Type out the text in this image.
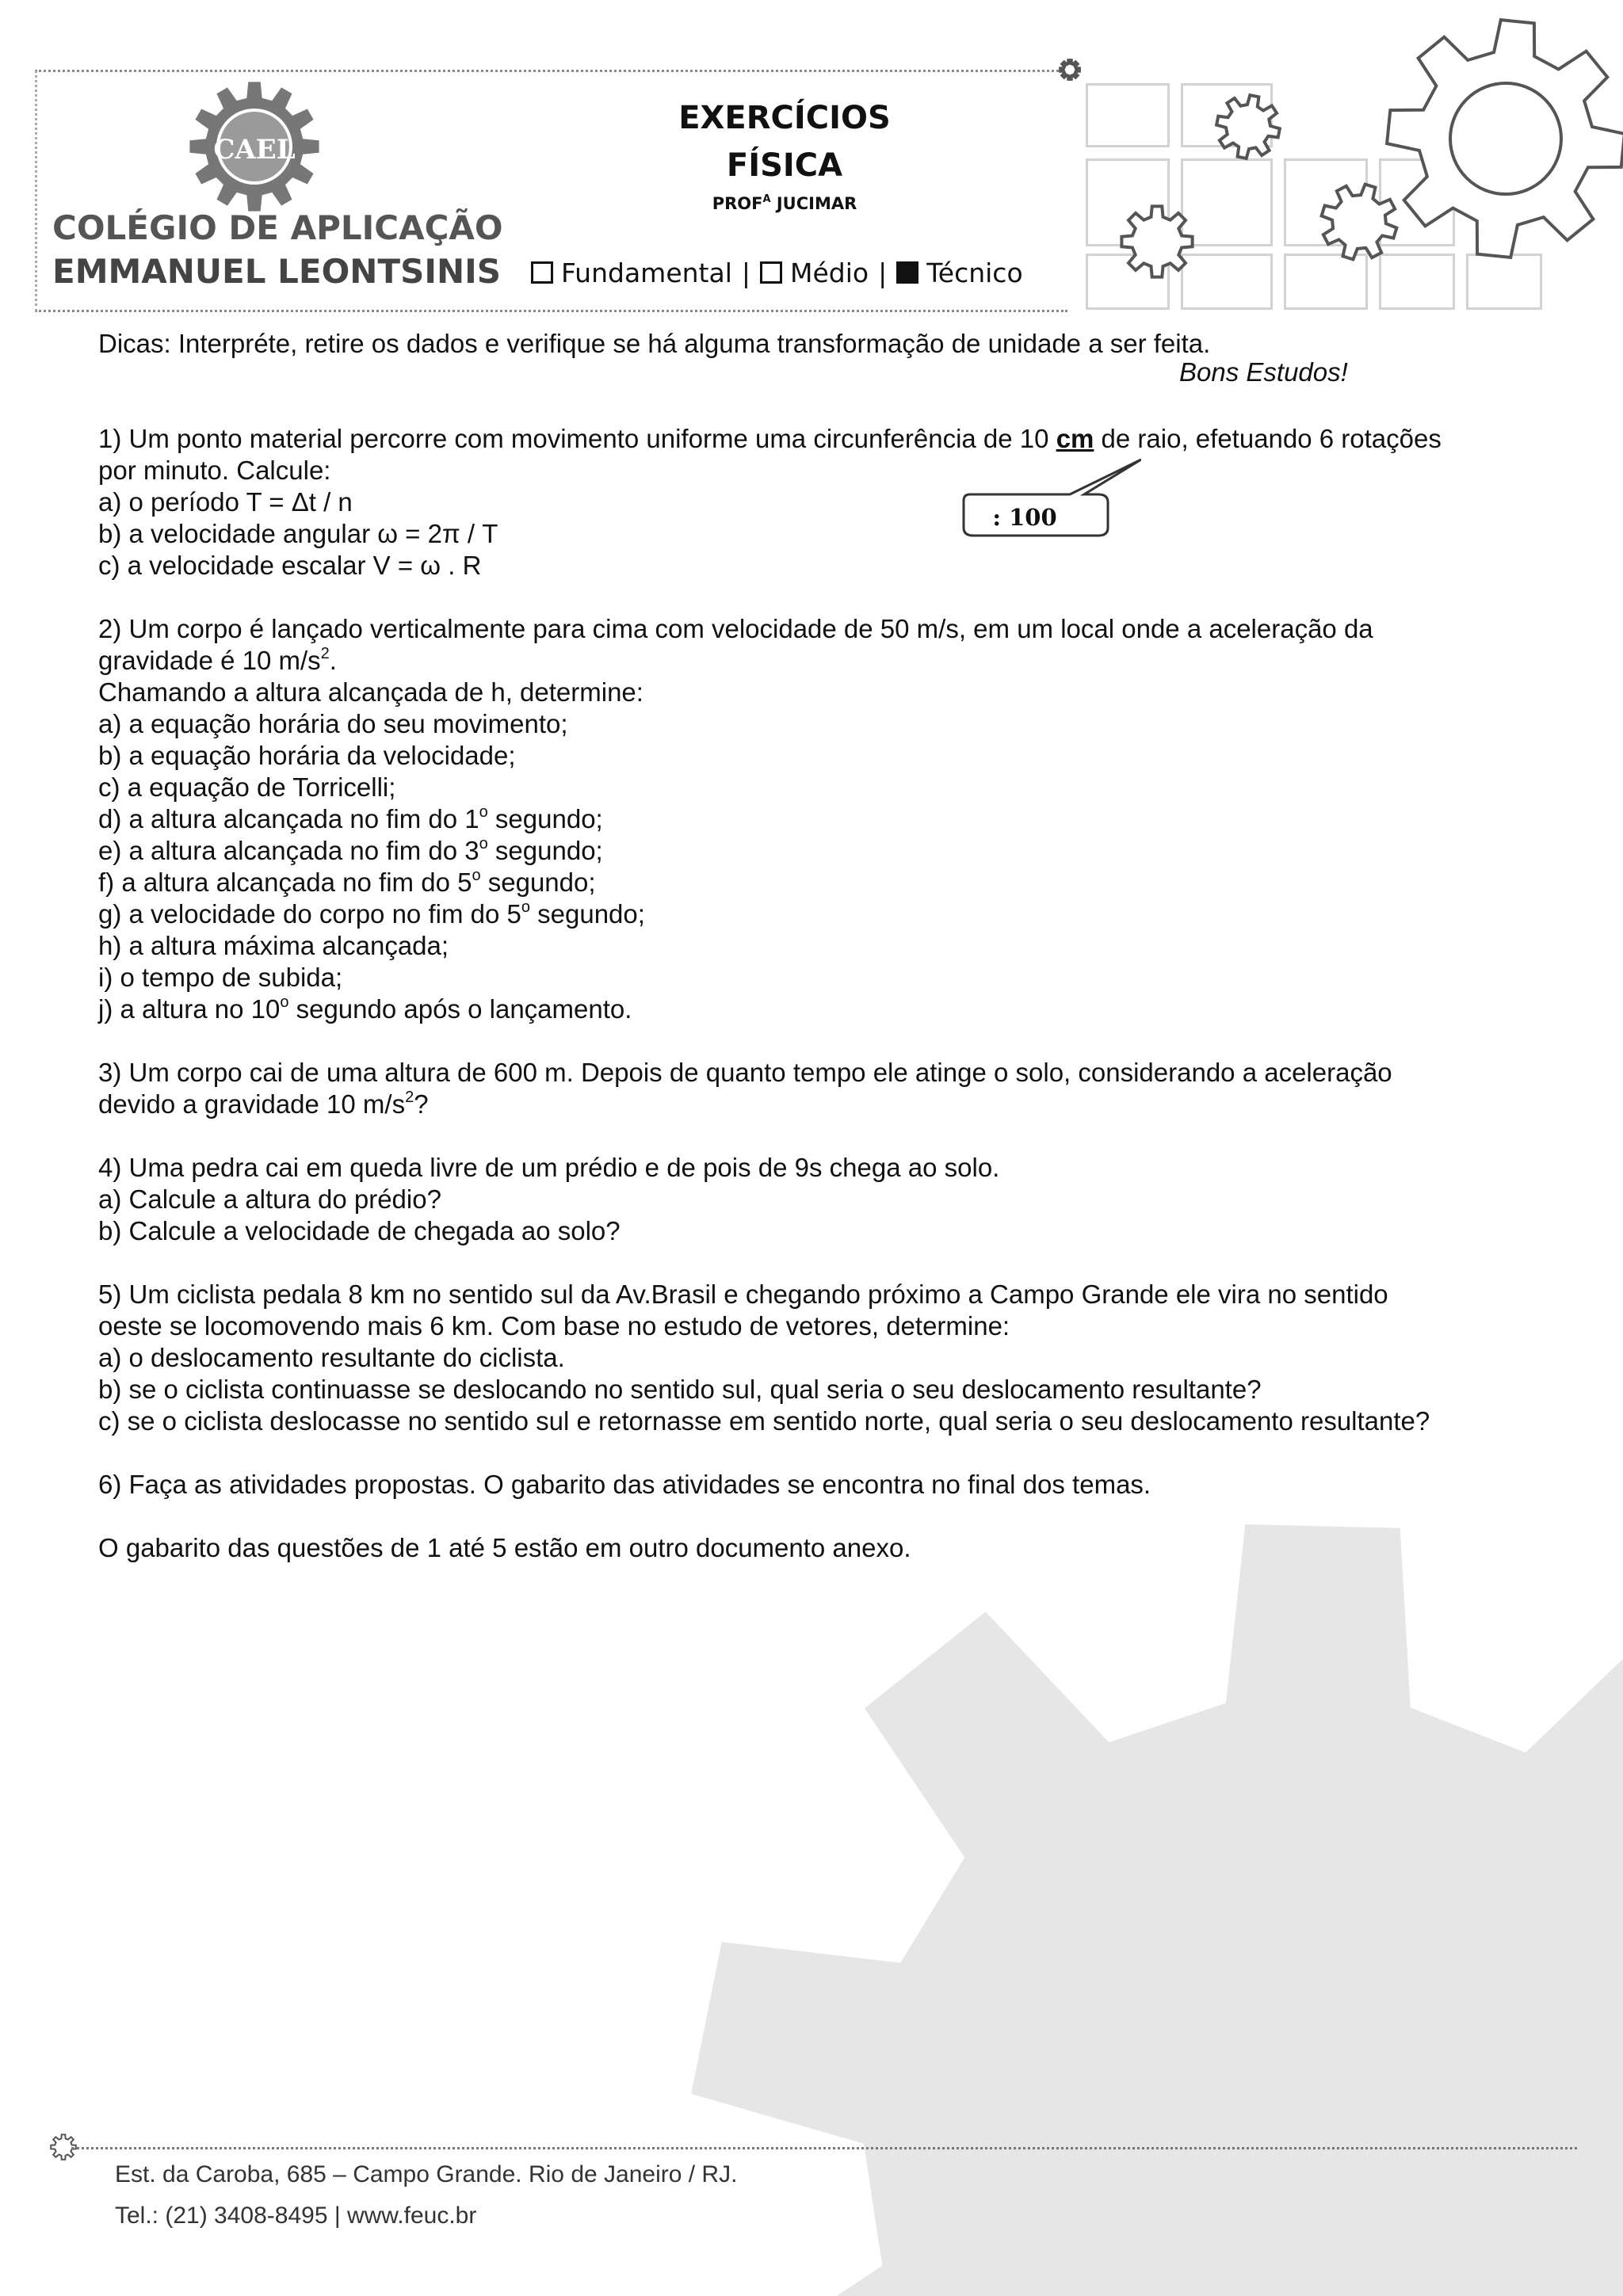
CAEL
COLÉGIO DE APLICAÇÃO
EMMANUEL LEONTSINIS
EXERCÍCIOS
FÍSICA
$PROF^A$ JUCIMAR
Fundamental | Médio | Técnico
: 100
Bons Estudos!
Dicas: Interpréte, retire os dados e verifique se há alguma transformação de unidade a ser feita.
1) Um ponto material percorre com movimento uniforme uma circunferência de 10 cm de raio, efetuando 6 rotações
por minuto. Calcule:
a) o período T = Δt / n
b) a velocidade angular ω = 2π / T
c) a velocidade escalar V = ω . R
2) Um corpo é lançado verticalmente para cima com velocidade de 50 m/s, em um local onde a aceleração da
gravidade é 10 $m/s^2$.
Chamando a altura alcançada de h, determine:
a) a equação horária do seu movimento;
b) a equação horária da velocidade;
c) a equação de Torricelli;
d) a altura alcançada no fim do 1$^o$ segundo;
e) a altura alcançada no fim do 3$^o$ segundo;
f) a altura alcançada no fim do 5$^o$ segundo;
g) a velocidade do corpo no fim do 5$^o$ segundo;
h) a altura máxima alcançada;
i) o tempo de subida;
j) a altura no 10$^o$ segundo após o lançamento.
3) Um corpo cai de uma altura de 600 m. Depois de quanto tempo ele atinge o solo, considerando a aceleração
devido a gravidade 10 $m/s^2$?
4) Uma pedra cai em queda livre de um prédio e de pois de 9s chega ao solo.
a) Calcule a altura do prédio?
b) Calcule a velocidade de chegada ao solo?
5) Um ciclista pedala 8 km no sentido sul da Av.Brasil e chegando próximo a Campo Grande ele vira no sentido
oeste se locomovendo mais 6 km. Com base no estudo de vetores, determine:
a) o deslocamento resultante do ciclista.
b) se o ciclista continuasse se deslocando no sentido sul, qual seria o seu deslocamento resultante?
c) se o ciclista deslocasse no sentido sul e retornasse em sentido norte, qual seria o seu deslocamento resultante?
6) Faça as atividades propostas. O gabarito das atividades se encontra no final dos temas.
O gabarito das questões de 1 até 5 estão em outro documento anexo.
Est. da Caroba, 685 – Campo Grande. Rio de Janeiro / RJ.
Tel.: (21) 3408-8495 | www.feuc.br
